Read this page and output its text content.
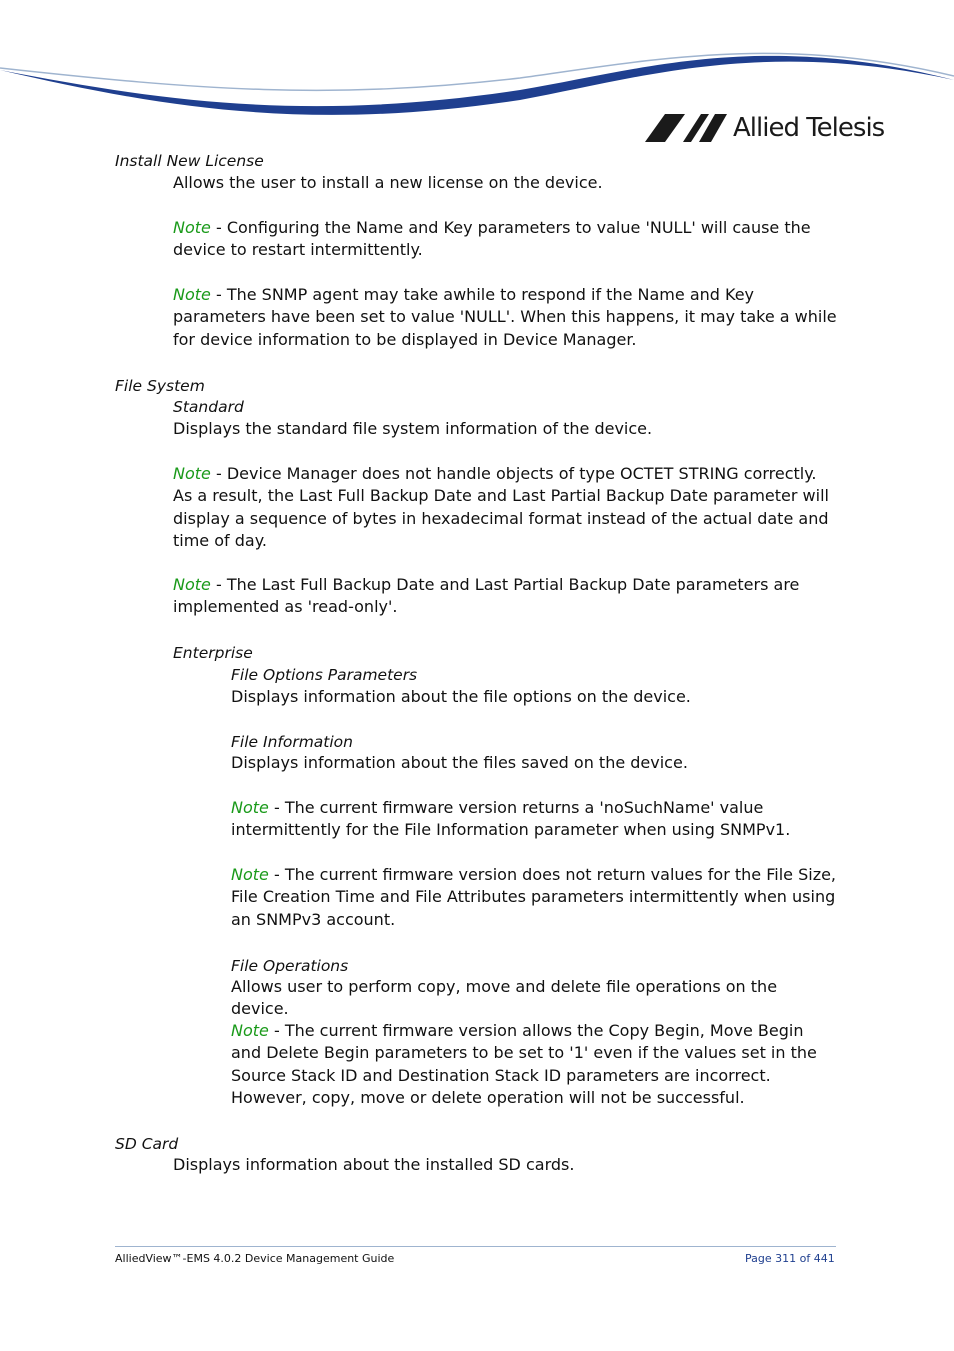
Allied Telesis

Install New License

Allows the user to install a new license on the device.

Note - Configuring the Name and Key parameters to value 'NULL' will cause the device to restart intermittently.

Note - The SNMP agent may take awhile to respond if the Name and Key parameters have been set to value 'NULL'. When this happens, it may take a while for device information to be displayed in Device Manager.

File System

Standard

Displays the standard file system information of the device.

Note - Device Manager does not handle objects of type OCTET STRING correctly. As a result, the Last Full Backup Date and Last Partial Backup Date parameter will display a sequence of bytes in hexadecimal format instead of the actual date and time of day.

Note - The Last Full Backup Date and Last Partial Backup Date parameters are implemented as 'read-only'.

Enterprise

File Options Parameters

Displays information about the file options on the device.

File Information

Displays information about the files saved on the device.

Note - The current firmware version returns a 'noSuchName' value intermittently for the File Information parameter when using SNMPv1.

Note - The current firmware version does not return values for the File Size, File Creation Time and File Attributes parameters intermittently when using an SNMPv3 account.

File Operations

Allows user to perform copy, move and delete file operations on the device.

Note - The current firmware version allows the Copy Begin, Move Begin and Delete Begin parameters to be set to '1' even if the values set in the Source Stack ID and Destination Stack ID parameters are incorrect. However, copy, move or delete operation will not be successful.

SD Card

Displays information about the installed SD cards.

AlliedView™-EMS 4.0.2 Device Management Guide	Page 311 of 441
